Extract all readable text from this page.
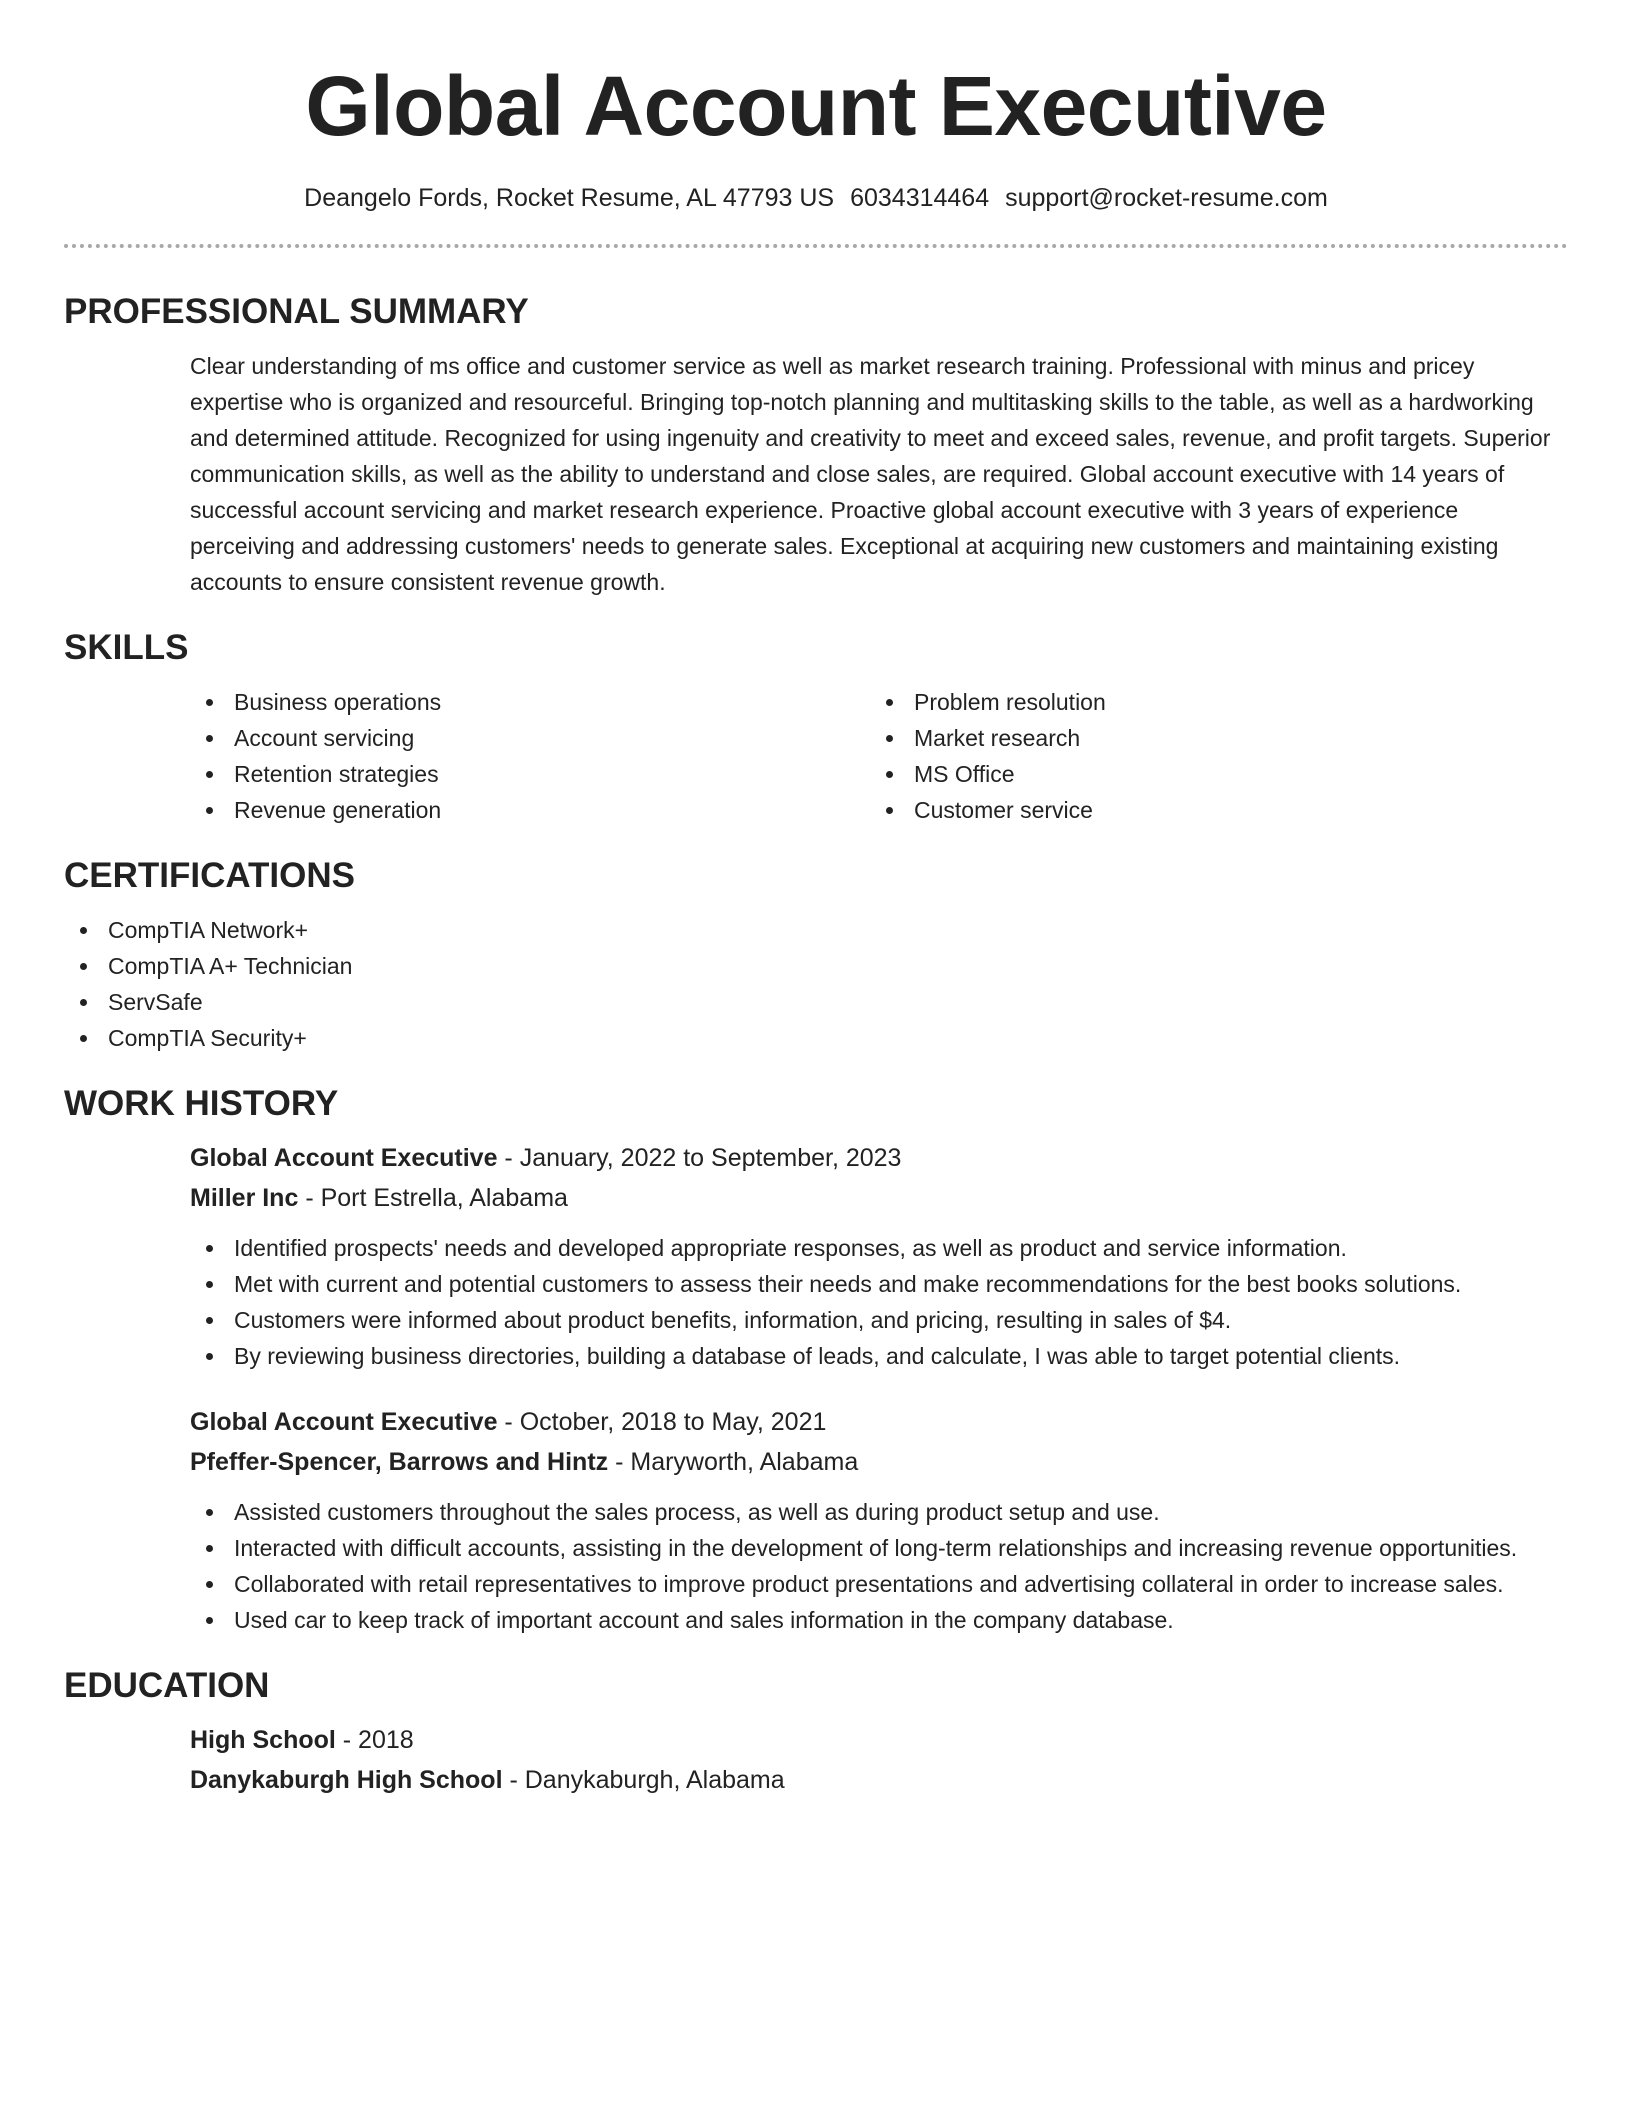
Global Account Executive
Deangelo Fords, Rocket Resume, AL 47793 US 6034314464 support@rocket-resume.com
PROFESSIONAL SUMMARY
Clear understanding of ms office and customer service as well as market research training. Professional with minus and pricey expertise who is organized and resourceful. Bringing top-notch planning and multitasking skills to the table, as well as a hardworking and determined attitude. Recognized for using ingenuity and creativity to meet and exceed sales, revenue, and profit targets. Superior communication skills, as well as the ability to understand and close sales, are required. Global account executive with 14 years of successful account servicing and market research experience. Proactive global account executive with 3 years of experience perceiving and addressing customers' needs to generate sales. Exceptional at acquiring new customers and maintaining existing accounts to ensure consistent revenue growth.
SKILLS
Business operations
Account servicing
Retention strategies
Revenue generation
Problem resolution
Market research
MS Office
Customer service
CERTIFICATIONS
CompTIA Network+
CompTIA A+ Technician
ServSafe
CompTIA Security+
WORK HISTORY
Global Account Executive - January, 2022 to September, 2023
Miller Inc - Port Estrella, Alabama
Identified prospects' needs and developed appropriate responses, as well as product and service information.
Met with current and potential customers to assess their needs and make recommendations for the best books solutions.
Customers were informed about product benefits, information, and pricing, resulting in sales of $4.
By reviewing business directories, building a database of leads, and calculate, I was able to target potential clients.
Global Account Executive - October, 2018 to May, 2021
Pfeffer-Spencer, Barrows and Hintz - Maryworth, Alabama
Assisted customers throughout the sales process, as well as during product setup and use.
Interacted with difficult accounts, assisting in the development of long-term relationships and increasing revenue opportunities.
Collaborated with retail representatives to improve product presentations and advertising collateral in order to increase sales.
Used car to keep track of important account and sales information in the company database.
EDUCATION
High School - 2018
Danykaburgh High School - Danykaburgh, Alabama
